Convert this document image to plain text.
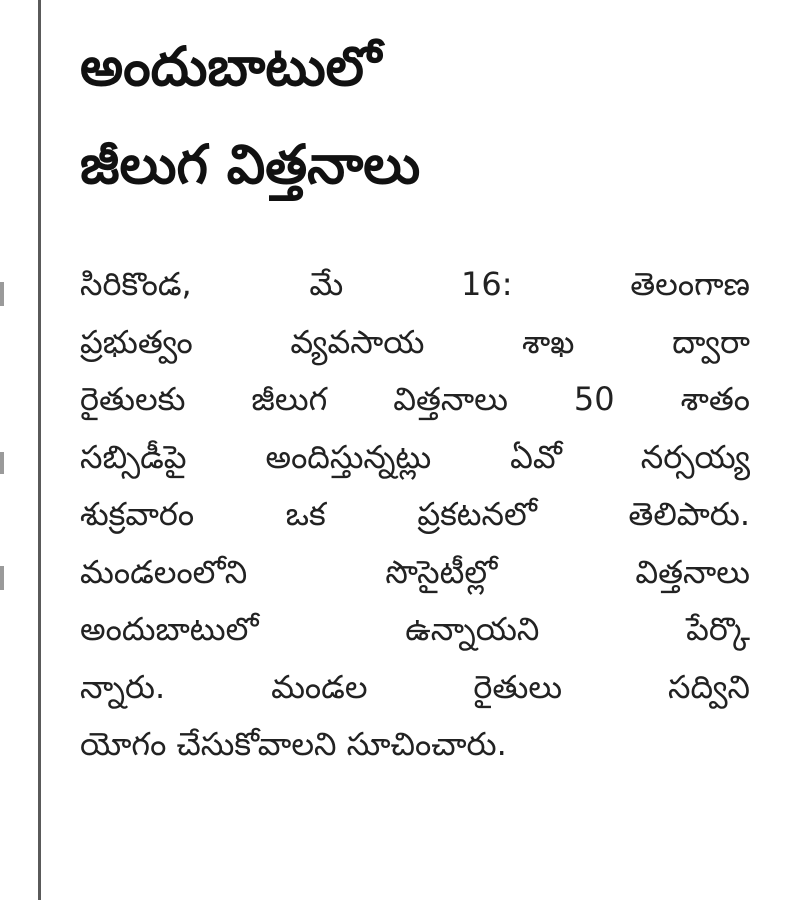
అందుబాటులో
జీలుగ విత్తనాలు
సిరికొండ, మే 16: తెలంగాణ
ప్రభుత్వం వ్యవసాయ శాఖ ద్వారా
రైతులకు జీలుగ విత్తనాలు 50 శాతం
సబ్సిడీపై అందిస్తున్నట్లు ఏవో నర్సయ్య
శుక్రవారం ఒక ప్రకటనలో తెలిపారు.
మండలంలోని సొసైటీల్లో విత్తనాలు
అందుబాటులో ఉన్నాయని పేర్కొ
న్నారు. మండల రైతులు సద్విని
యోగం చేసుకోవాలని సూచించారు.
